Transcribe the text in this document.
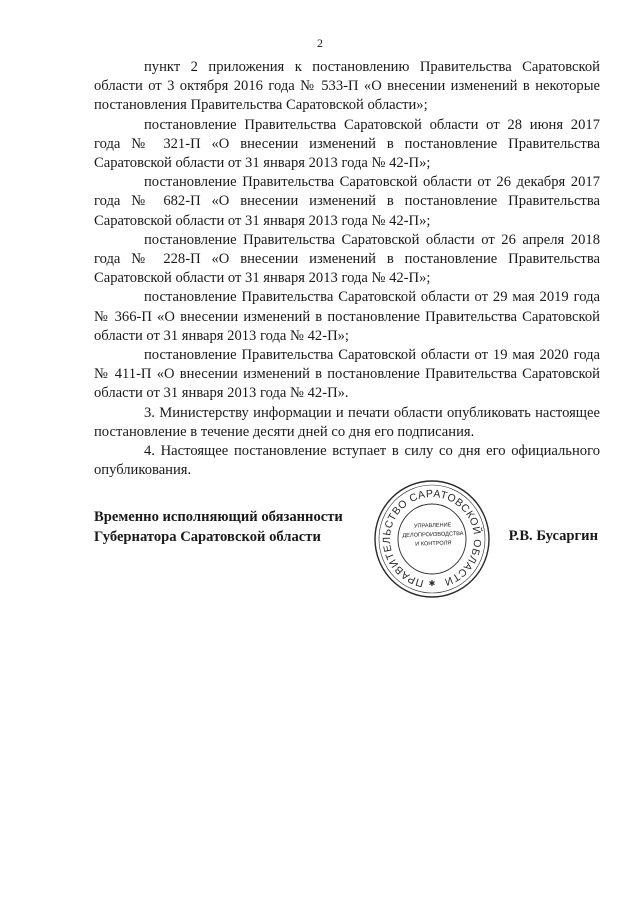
2

пункт 2 приложения к постановлению Правительства Саратовской области от 3 октября 2016 года № 533-П «О внесении изменений в некоторые постановления Правительства Саратовской области»;

постановление Правительства Саратовской области от 28 июня 2017 года № 321-П «О внесении изменений в постановление Правительства Саратовской области от 31 января 2013 года № 42-П»;

постановление Правительства Саратовской области от 26 декабря 2017 года № 682-П «О внесении изменений в постановление Правительства Саратовской области от 31 января 2013 года № 42-П»;

постановление Правительства Саратовской области от 26 апреля 2018 года № 228-П «О внесении изменений в постановление Правительства Саратовской области от 31 января 2013 года № 42-П»;

постановление Правительства Саратовской области от 29 мая 2019 года № 366-П «О внесении изменений в постановление Правительства Саратовской области от 31 января 2013 года № 42-П»;

постановление Правительства Саратовской области от 19 мая 2020 года № 411-П «О внесении изменений в постановление Правительства Саратовской области от 31 января 2013 года № 42-П».

3. Министерству информации и печати области опубликовать настоящее постановление в течение десяти дней со дня его подписания.

4. Настоящее постановление вступает в силу со дня его официального опубликования.

Временно исполняющий обязанности
Губернатора Саратовской области
ПРАВИТЕЛЬСТВО САРАТОВСКОЙ ОБЛАСТИ
✱
УПРАВЛЕНИЕ
ДЕЛОПРОИЗВОДСТВА
И КОНТРОЛЯ	Р.В. Бусаргин
